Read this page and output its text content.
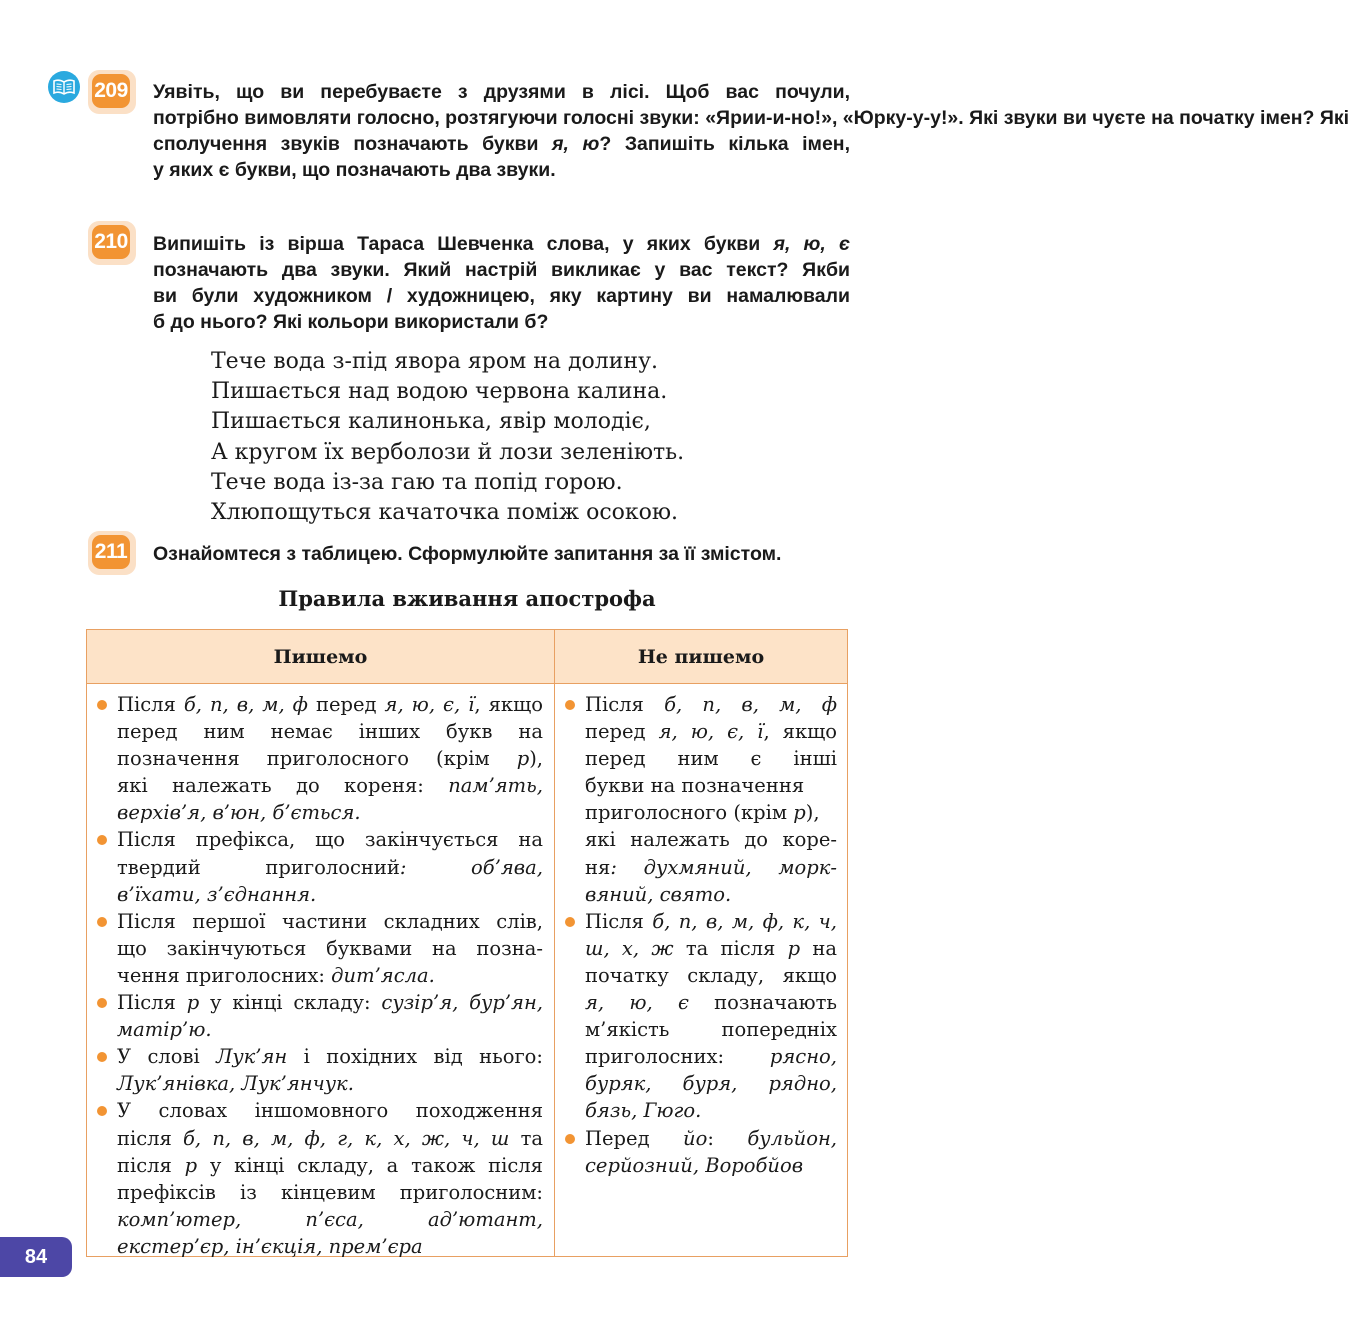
209 Уявіть, що ви перебуваєте з друзями в лісі. Щоб вас почули,
потрібно вимовляти голосно, розтягуючи голосні звуки: «Ярии-и-но!», «Юрку-у-у!». Які звуки ви чуєте на початку імен? Які
сполучення звуків позначають букви я, ю? Запишіть кілька імен,
у яких є букви, що позначають два звуки.
210 Випишіть із вірша Тараса Шевченка слова, у яких букви я, ю, є
позначають два звуки. Який настрій викликає у вас текст? Якби
ви були художником / художницею, яку картину ви намалювали
б до нього? Які кольори використали б?
Тече вода з-під явора яром на долину.
Пишається над водою червона калина.
Пишається калинонька, явір молодіє,
А кругом їх верболози й лози зеленіють.
Тече вода із-за гаю та попід горою.
Хлюпощуться качаточка поміж осокою.
211 Ознайомтеся з таблицею. Сформулюйте запитання за її змістом.
Правила вживання апострофа
Пишемо	Не пишемо
Після б, п, в, м, ф перед я, ю, є, ї, якщо
перед ним немає інших букв на
позначення приголосного (крім р),
які належать до кореня: пам’ять,
верхів’я, в’юн, б’ється.
Після префікса, що закінчується на
твердий приголосний: об’ява,
в’їхати, з’єднання.
Після першої частини складних слів,
що закінчуються буквами на позна-
чення приголосних: дит’ясла.
Після р у кінці складу: сузір’я, бур’ян,
матір’ю.
У слові Лук’ян і похідних від нього:
Лук’янівка, Лук’янчук.
У словах іншомовного походження
після б, п, в, м, ф, г, к, х, ж, ч, ш та
після р у кінці складу, а також після
префіксів із кінцевим приголосним:
комп’ютер, п’єса, ад’ютант,
екстер’єр, ін’єкція, прем’єра
Після б, п, в, м, ф
перед я, ю, є, ї, якщо
перед ним є інші
букви на позначення
приголосного (крім р),
які належать до коре-
ня: духмяний, морк-
вяний, свято.
Після б, п, в, м, ф, к, ч,
ш, х, ж та після р на
початку складу, якщо
я, ю, є позначають
м’якість попередніх
приголосних: рясно,
буряк, буря, рядно,
бязь, Гюго.
Перед йо: бульйон,
серйозний, Воробйов
84
